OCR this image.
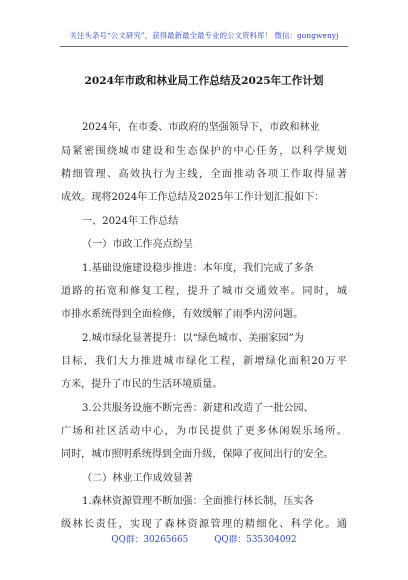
关注头条号“公文研究”，获得最新最全最专业的公文资料库！ 微信：gongwenyj
2024年市政和林业局工作总结及2025年工作计划
2024年，在市委、市政府的坚强领导下，市政和林业
局紧密围绕城市建设和生态保护的中心任务，以科学规划
精细管理、高效执行为主线，全面推动各项工作取得显著
成效。现将2024年工作总结及2025年工作计划汇报如下：
一、2024年工作总结
（一）市政工作亮点纷呈
1.基础设施建设稳步推进：本年度，我们完成了多条
道路的拓宽和修复工程，提升了城市交通效率。同时，城
市排水系统得到全面检修，有效缓解了雨季内涝问题。
2.城市绿化显著提升：以“绿色城市、美丽家园”为
目标，我们大力推进城市绿化工程，新增绿化面积20万平
方米，提升了市民的生活环境质量。
3.公共服务设施不断完善：新建和改造了一批公园、
广场和社区活动中心，为市民提供了更多休闲娱乐场所。
同时，城市照明系统得到全面升级，保障了夜间出行的安全。
（二）林业工作成效显著
1.森林资源管理不断加强：全面推行林长制，压实各
级林长责任，实现了森林资源管理的精细化、科学化。通
QQ群：30265665	QQ群：535304092
